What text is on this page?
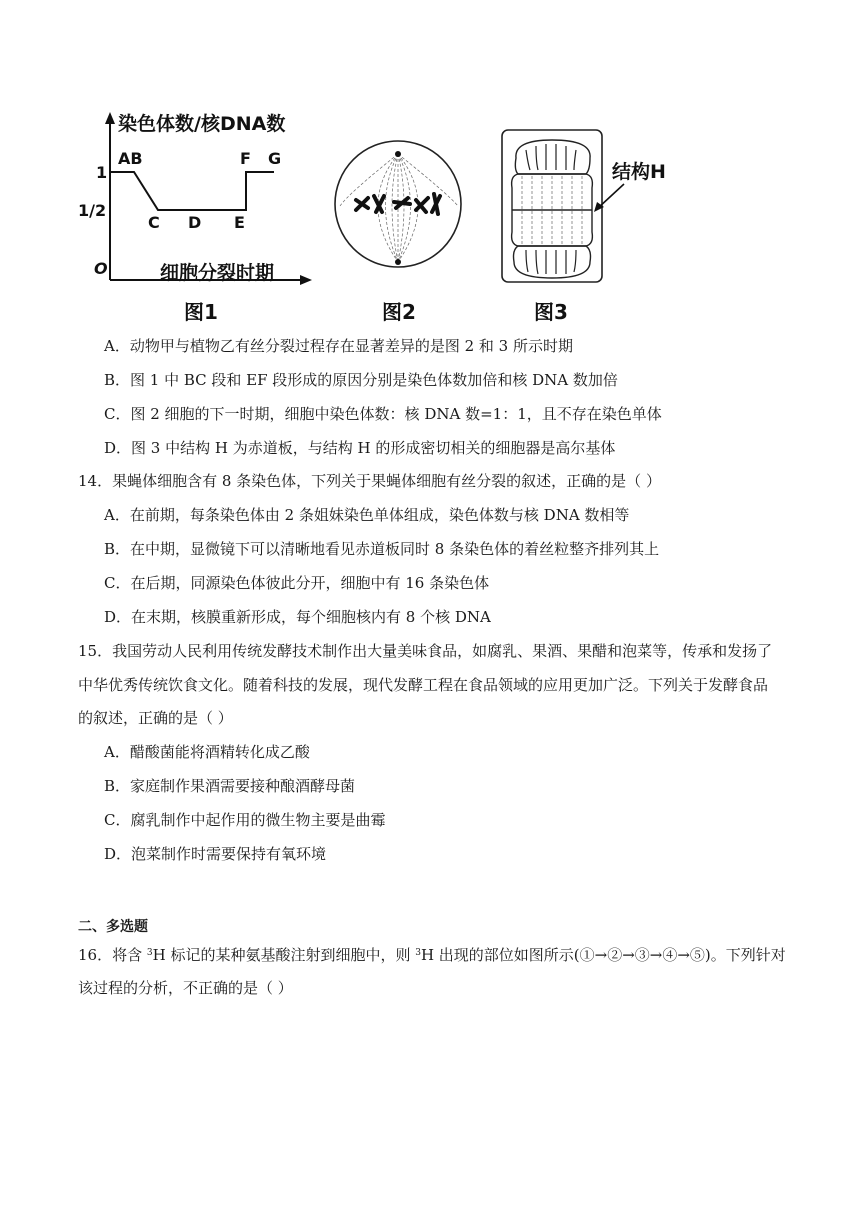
染色体数/核DNA数
1
1/2
O
AB
C D E
F G
细胞分裂时期
图1	图2
结构H
图3
A．动物甲与植物乙有丝分裂过程存在显著差异的是图 2 和 3 所示时期
B．图 1 中 BC 段和 EF 段形成的原因分别是染色体数加倍和核 DNA 数加倍
C．图 2 细胞的下一时期，细胞中染色体数：核 DNA 数=1：1，且不存在染色单体
D．图 3 中结构 H 为赤道板，与结构 H 的形成密切相关的细胞器是高尔基体
14．果蝇体细胞含有 8 条染色体，下列关于果蝇体细胞有丝分裂的叙述，正确的是（ ）
A．在前期，每条染色体由 2 条姐妹染色单体组成，染色体数与核 DNA 数相等
B．在中期，显微镜下可以清晰地看见赤道板同时 8 条染色体的着丝粒整齐排列其上
C．在后期，同源染色体彼此分开，细胞中有 16 条染色体
D．在末期，核膜重新形成，每个细胞核内有 8 个核 DNA
15．我国劳动人民利用传统发酵技术制作出大量美味食品，如腐乳、果酒、果醋和泡菜等，传承和发扬了
中华优秀传统饮食文化。随着科技的发展，现代发酵工程在食品领域的应用更加广泛。下列关于发酵食品
的叙述，正确的是（ ）
A．醋酸菌能将酒精转化成乙酸
B．家庭制作果酒需要接种酿酒酵母菌
C．腐乳制作中起作用的微生物主要是曲霉
D．泡菜制作时需要保持有氧环境
二、多选题
16．将含 $^3$H 标记的某种氨基酸注射到细胞中，则 $^3$H 出现的部位如图所示(①→②→③→④→⑤)。下列针对
该过程的分析，不正确的是（ ）
